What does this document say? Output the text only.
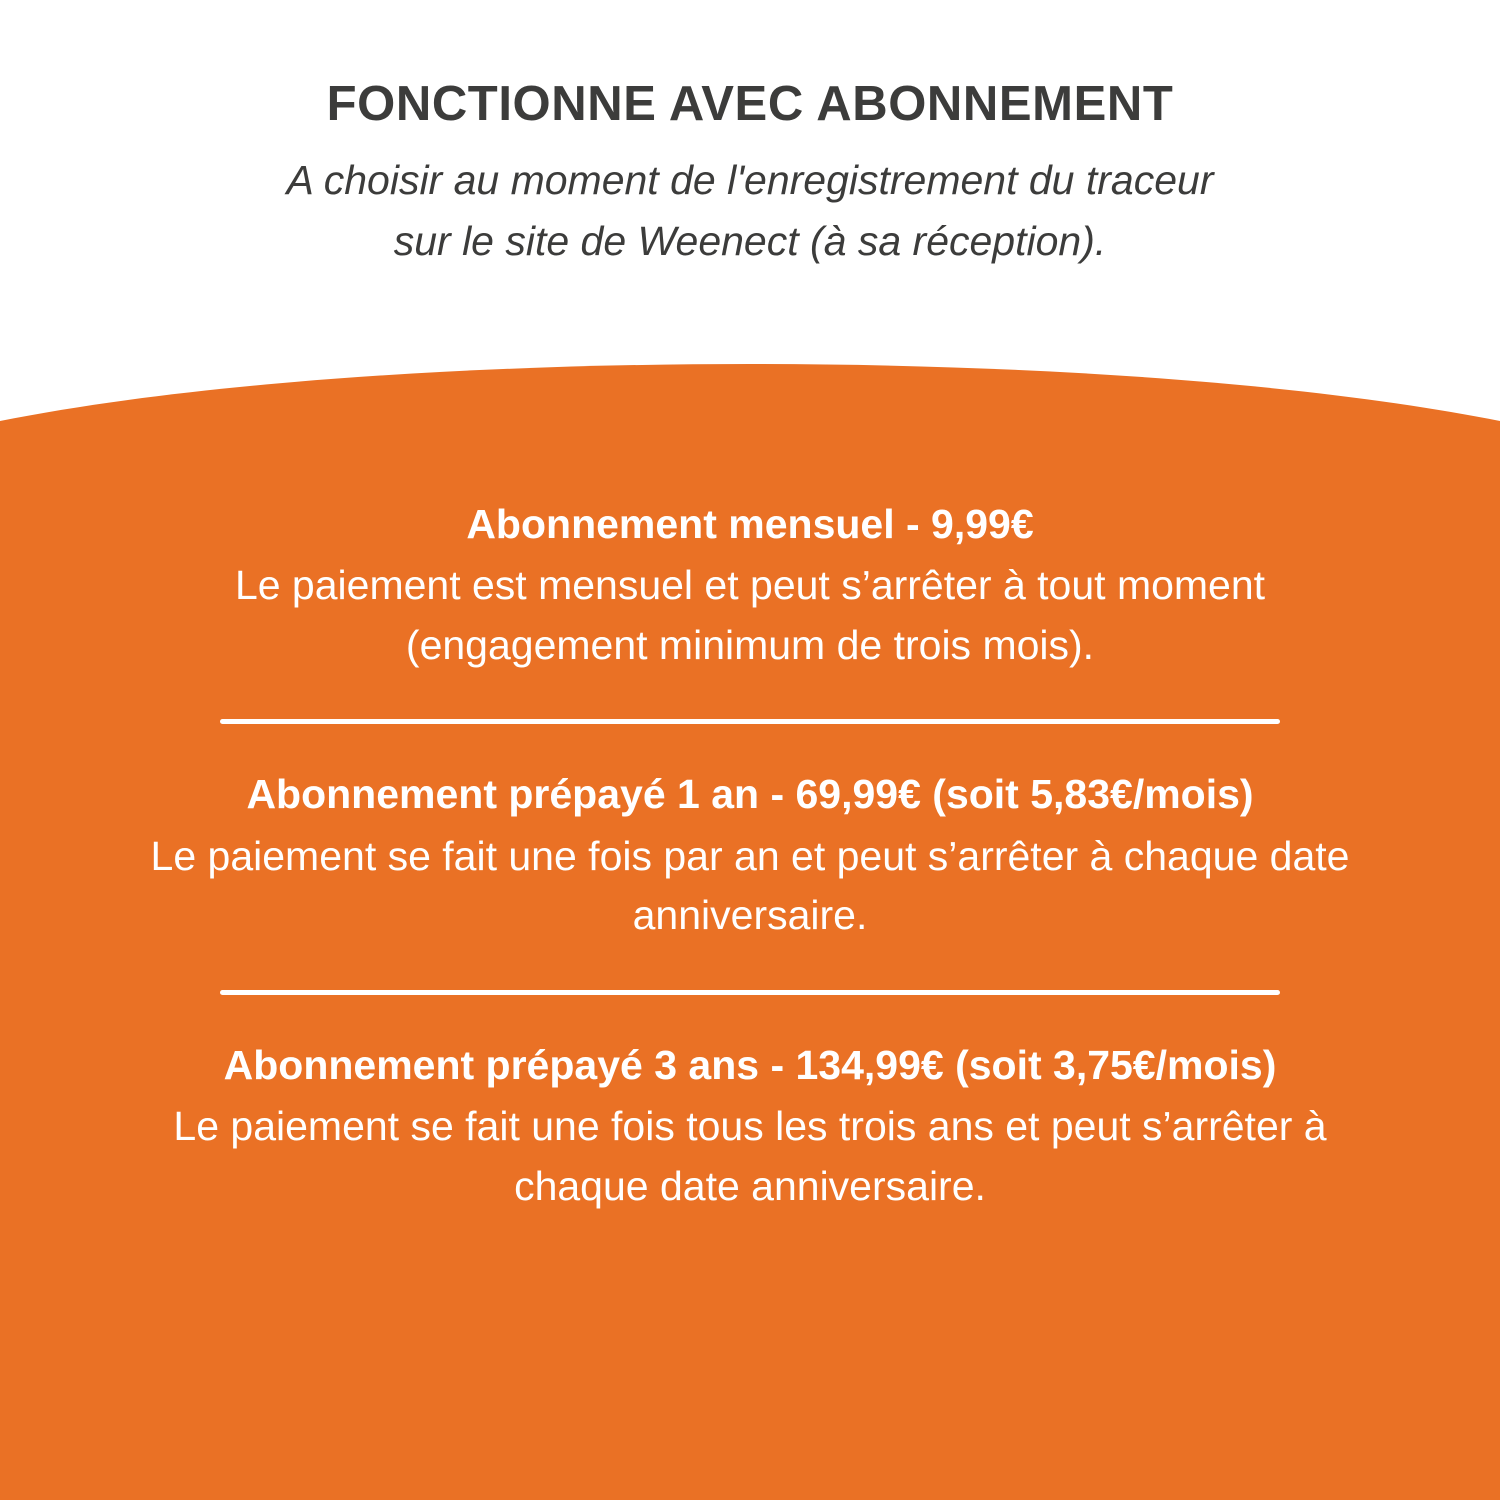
FONCTIONNE AVEC ABONNEMENT
A choisir au moment de l'enregistrement du traceur
sur le site de Weenect (à sa réception).
Abonnement mensuel - 9,99€
Le paiement est mensuel et peut s’arrêter à tout moment (engagement minimum de trois mois).
Abonnement prépayé 1 an - 69,99€ (soit 5,83€/mois)
Le paiement se fait une fois par an et peut s’arrêter à chaque date anniversaire.
Abonnement prépayé 3 ans - 134,99€ (soit 3,75€/mois)
Le paiement se fait une fois tous les trois ans et peut s’arrêter à chaque date anniversaire.
